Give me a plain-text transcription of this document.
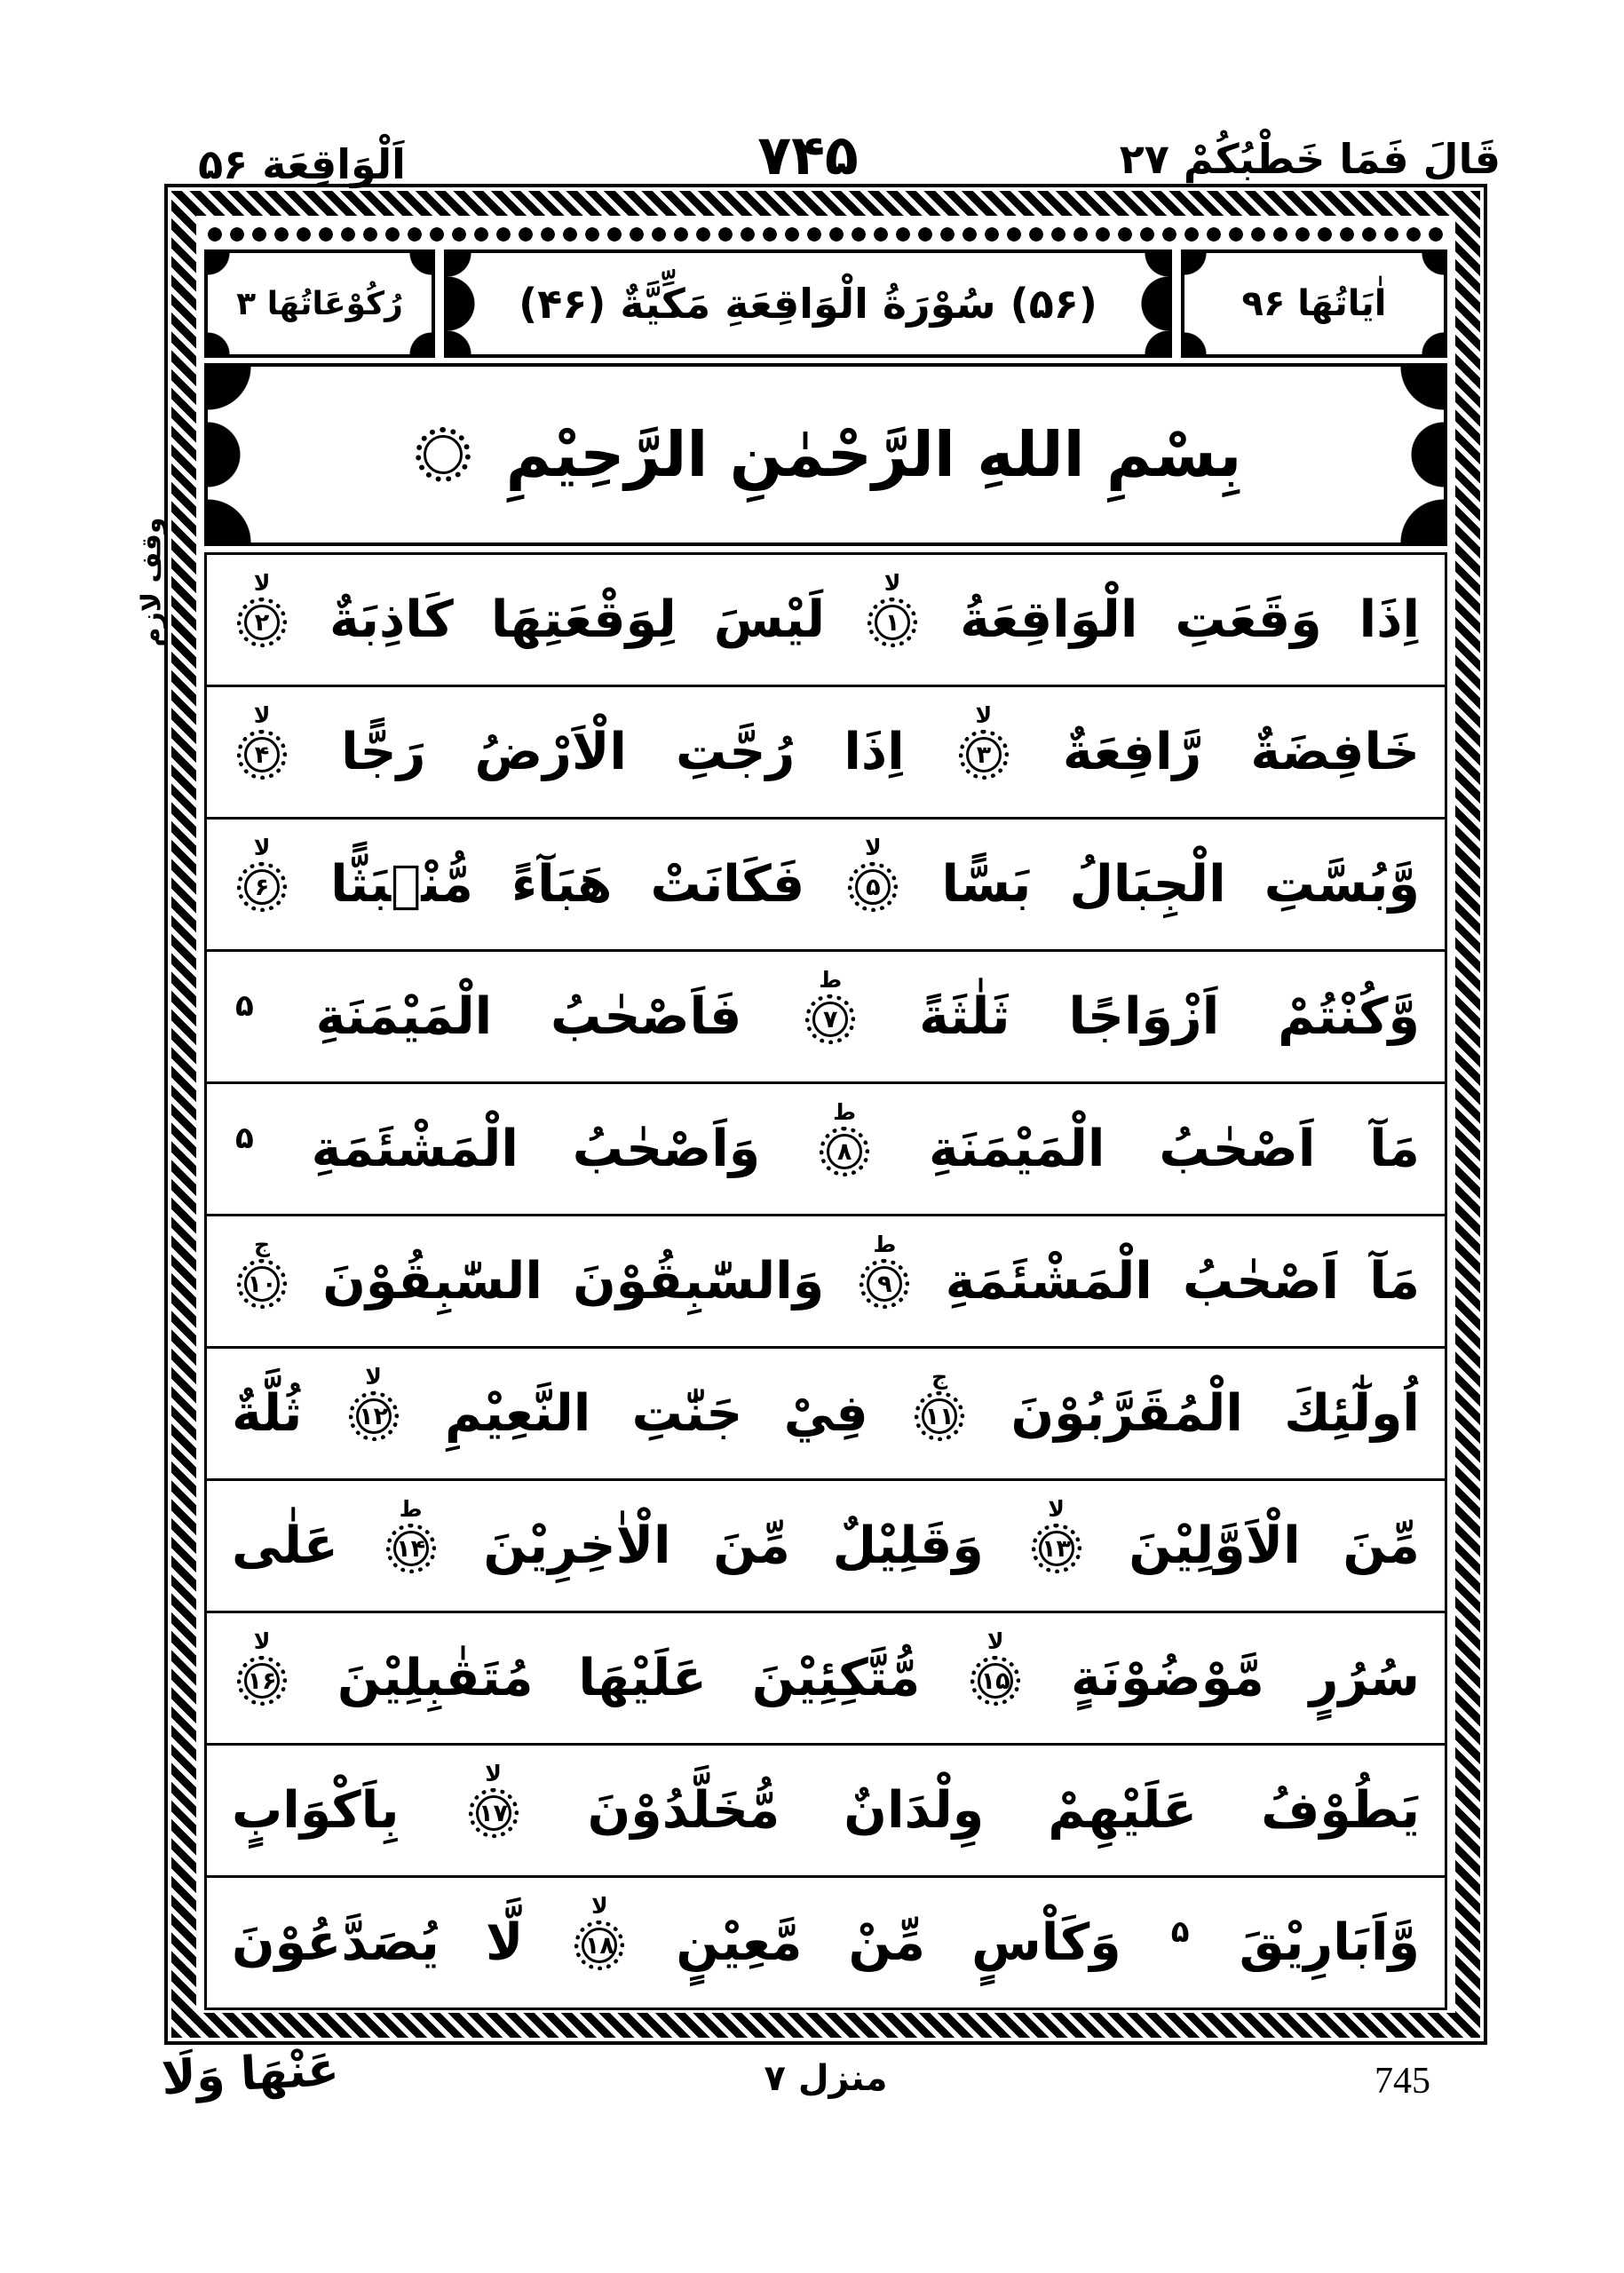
اَلْوَاقِعَة ۵۶	۷۴۵	قَالَ فَمَا خَطْبُكُمْ ۲۷
وقف لازم
اٰيَاتُهَا ۹۶
(۵۶) سُوْرَةُ الْوَاقِعَةِ مَكِّيَّةٌ (۴۶)
رُكُوْعَاتُهَا ۳
بِسْمِ اللهِ الرَّحْمٰنِ الرَّحِيْمِ
اِذَا وَقَعَتِ الْوَاقِعَةُ
۱
لا
لَيْسَ لِوَقْعَتِهَا كَاذِبَةٌ
۲
لا
خَافِضَةٌ رَّافِعَةٌ
۳
لا
اِذَا رُجَّتِ الْاَرْضُ رَجًّا
۴
لا
وَّبُسَّتِ الْجِبَالُ بَسًّا
۵
لا
فَكَانَتْ هَبَآءً مُّنْۢبَثًّا
۶
لا
وَّكُنْتُمْ اَزْوَاجًا ثَلٰثَةً
۷
ط
فَاَصْحٰبُ الْمَيْمَنَةِ $^۵$
مَآ اَصْحٰبُ الْمَيْمَنَةِ
۸
ط
وَاَصْحٰبُ الْمَشْئَمَةِ $^۵$
مَآ اَصْحٰبُ الْمَشْئَمَةِ
۹
ط
وَالسّٰبِقُوْنَ السّٰبِقُوْنَ
۱۰
ج
اُولٰٓئِكَ الْمُقَرَّبُوْنَ
۱۱
ج
فِيْ جَنّٰتِ النَّعِيْمِ
۱۲
لا
ثُلَّةٌ
مِّنَ الْاَوَّلِيْنَ
۱۳
لا
وَقَلِيْلٌ مِّنَ الْاٰخِرِيْنَ
۱۴
ط
عَلٰى
سُرُرٍ مَّوْضُوْنَةٍ
۱۵
لا
مُّتَّكِئِيْنَ عَلَيْهَا مُتَقٰبِلِيْنَ
۱۶
لا
يَطُوْفُ عَلَيْهِمْ وِلْدَانٌ مُّخَلَّدُوْنَ
۱۷
لا
بِاَكْوَابٍ
وَّاَبَارِيْقَ $^۵$ وَكَاْسٍ مِّنْ مَّعِيْنٍ
۱۸
لا
لَّا يُصَدَّعُوْنَ
عَنْهَا وَلَا	منزل ۷	745
